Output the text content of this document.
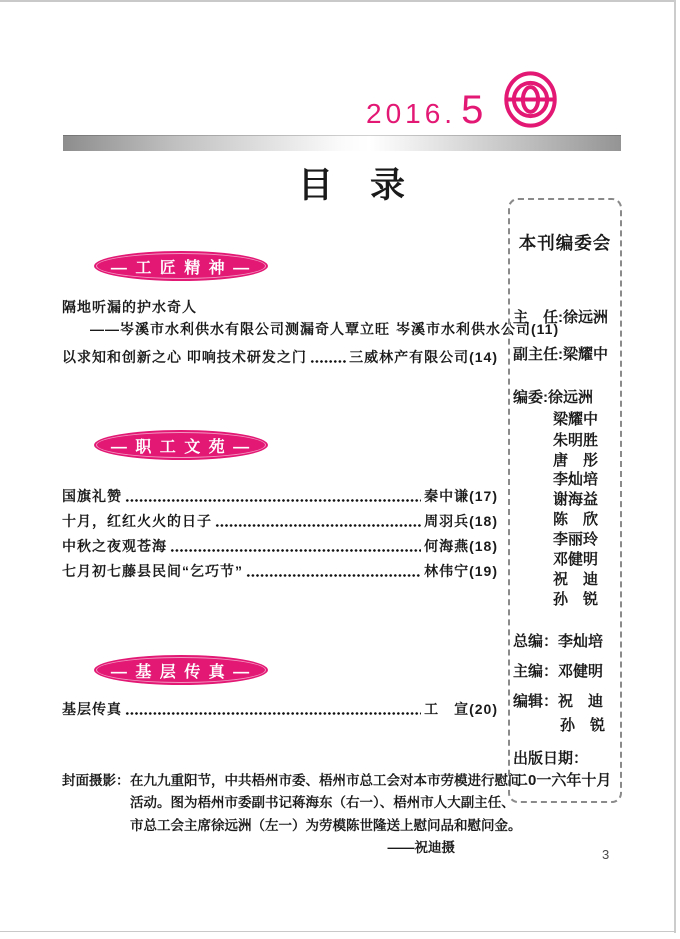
2016. 5
目　录
— 工 匠 精 神 —
隔地听漏的护水奇人
——岑溪市水利供水有限公司测漏奇人覃立旺 岑溪市水利供水公司(11)
以求知和创新之心 叩响技术研发之门	三威林产有限公司(14)
— 职 工 文 苑 —
国旗礼赞	秦中谦(17)
十月，红红火火的日子	周羽兵(18)
中秋之夜观苍海	何海燕(18)
七月初七藤县民间“乞巧节”	林伟宁(19)
— 基 层 传 真 —
基层传真	工　宣(20)
本刊编委会
主　任:徐远洲
副主任:梁耀中
编委:徐远洲
梁耀中
朱明胜
唐　彤
李灿培
谢海益
陈　欣
李丽玲
邓健明
祝　迪
孙　锐
总编：李灿培
主编：邓健明
编辑：祝　迪
孙　锐
出版日期：
二0一六年十月
封面摄影： 在九九重阳节，中共梧州市委、梧州市总工会对本市劳模进行慰问
活动。图为梧州市委副书记蒋海东（右一）、梧州市人大副主任、
市总工会主席徐远洲（左一）为劳模陈世隆送上慰问品和慰问金。
——祝迪摄	3
